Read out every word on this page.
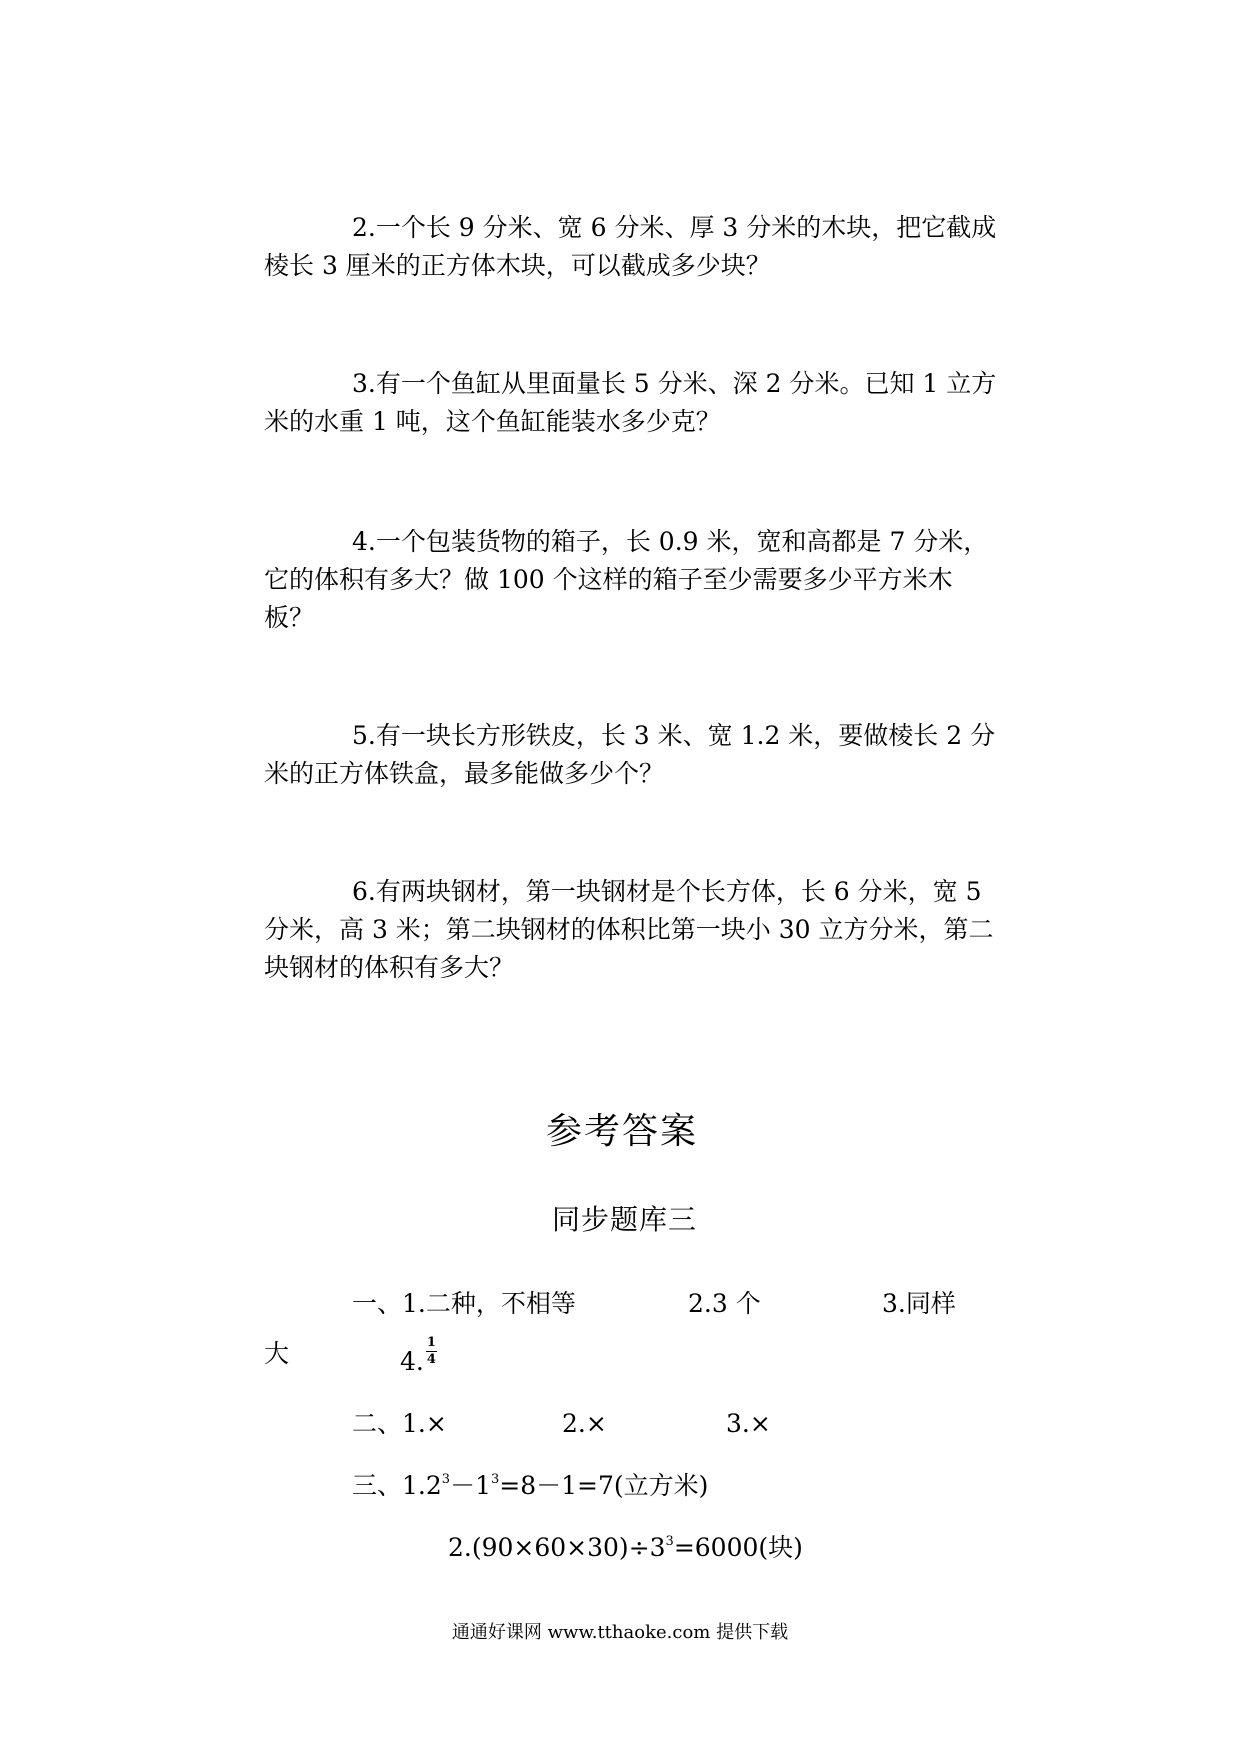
2.一个长 9 分米、宽 6 分米、厚 3 分米的木块，把它截成
棱长 3 厘米的正方体木块，可以截成多少块？
3.有一个鱼缸从里面量长 5 分米、深 2 分米。已知 1 立方
米的水重 1 吨，这个鱼缸能装水多少克？
4.一个包装货物的箱子，长 0.9 米，宽和高都是 7 分米，
它的体积有多大？做 100 个这样的箱子至少需要多少平方米木
板？
5.有一块长方形铁皮，长 3 米、宽 1.2 米，要做棱长 2 分
米的正方体铁盒，最多能做多少个？
6.有两块钢材，第一块钢材是个长方体，长 6 分米，宽 5
分米，高 3 米；第二块钢材的体积比第一块小 30 立方分米，第二
块钢材的体积有多大？
参考答案
同步题库三
一、1.二种，不相等	2.3 个	3.同样
大	4. $\frac{1}{4}$
二、1.×	2.×	3.×
三、$1.2^3-1^3=8-1=7$(立方米)
$2.(90\times 60\times 30)\div 3^3=6000$(块)
通通好课网 www.tthaoke.com 提供下载
